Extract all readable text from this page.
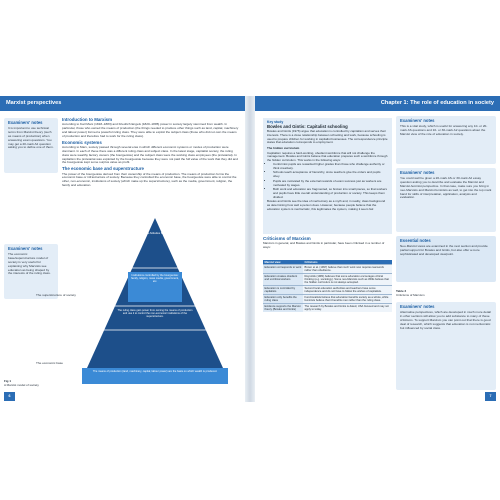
Marxist perspectives	Chapter 1: The role of education in society
Examiners' notes
It is important to use technical terms from Marxist theory (such as means of production) when answering exam questions. You may get a 20-mark A2 question asking you to define one of them.
Examiners' notes
The economic base/superstructure model of society is very useful for explaining why Marxists see education as being shaped by the interests of the ruling class.
Introduction to Marxism

According to Karl Marx (1818–1883) and Friedrich Engels (1820–1895) power in society largely stemmed from wealth. In particular, those who owned the means of production (the things needed to produce other things such as land, capital, machinery and labour power) formed a powerful ruling class. They were able to exploit the subject class (those who did not own the means of production and therefore had to work for the ruling class).

Economic systems

According to Marx, society passed through several eras in which different economic systems or modes of production were dominant. In each of these there was a different ruling class and subject class. In the latest stage, capitalist society, the ruling class were wealthy factory owners (the bourgeoisie) and the subject class were the working class employees (the proletariat). In capitalism the proletariat was exploited by the bourgeoisie because they were not paid the full value of the work that they did and the bourgeoisie kept some surplus value as profit.

The economic base and superstructure

The power of the bourgeoisie derived from their ownership of the means of production. The means of production forms the economic base or infrastructure of society. Because they controlled the economic base, the bourgeoisie were able to control the other, non-economic, institutions of society (which make up the superstructure), such as the media, government, religion, the family and education.

Values Attitudes Beliefs
Institutions controlled by the bourgeoisie: family, religion, mass media, government, etc.
The ruling class gain power from owning the means of production and use it to control the non-economic institutions of the superstructure.
The means of production (land, machinery, capital, labour power) are the basis on which wealth is produced.
The superstructure of society
The economic base
Fig 1
A Marxist model of society
6
Key study
Bowles and Gintis: Capitalist schooling

Bowles and Gintis (1976) argue that education is controlled by capitalism and serves their interests. There is a close relationship between schooling and work, because schooling is used to prepare children for working in capitalist businesses. The correspondence principle states that education corresponds to employment.

The hidden curriculum

Capitalism requires a hard-working, obedient workforce that will not challenge the management. Bowles and Gintis believe that education prepares such a workforce through the hidden curriculum. This works in the following ways:

• Conformist pupils are rewarded higher grades than those who challenge authority or think creatively.
• Schools teach acceptance of hierarchy, since teachers give the orders and pupils obey.
• Pupils are motivated by the external rewards of exam success just as workers are motivated by wages.
• Both work and education are fragmented, so broken into small pieces, so that workers and pupils have little overall understanding of production or society. This keeps them divided.

Bowles and Gintis see the idea of meritocracy as a myth and, in reality, class background as determining how well a person does. However, because people believe that the education system is meritocratic, this legitimates the system, making it seem fair.

Criticisms of Marxism

Marxism in general, and Bowles and Gintis in particular, have been criticised in a number of ways:

Marxist view	Criticisms
Education corresponds to work	Brown et al. (1997) believe that much work now requires teamwork rather than obedience.
Education creates obedient and uncritical workers	Reynolds (1984) believes that some education encourages critical thinking (e.g. sociology). Some neo-Marxists such as Willis believe that the hidden curriculum is not always accepted.
Education is controlled by capitalists	Second local education authorities and teachers have some independence and do not have to follow the wishes of capitalists.
Education only benefits the ruling class	Functionalists believe that education benefits society as a whole, while feminists believe that it benefits men rather than the ruling class.
Evidence supports the Marxist theory (Bowles and Gintis)	The research by Bowles and Gintis is dated, USA focused and may not apply to today.
Examiners' notes
This is a vital study, which is useful for answering any 10- or 20-mark AS questions and 10- or 30-mark A2 questions about the Marxist view of the role of education in society.
Examiners' notes
You could well be given a 20-mark AS or 30-mark A2 essay question asking you to describe and evaluate the Marxist and Marxist-feminist perspective. In that case, make sure you bring in neo-Marxists and Marxist feminists as well, to get into the top mark band for skills of interpretation, application, analysis and evaluation.
Essential notes
Neo-Marxist views are examined in the next section and provide partial support for Bowles and Gintis, but also offer a more sophisticated and developed viewpoint.
Table 2
Criticisms of Marxism
Examiners' notes
Alternative perspectives, which are developed in much more detail in other sections will allow you to add substance to many of these criticisms. To support Marxism you can point out that there is good deal of research, which suggests that education is not meritocratic but influenced by social class.
7
